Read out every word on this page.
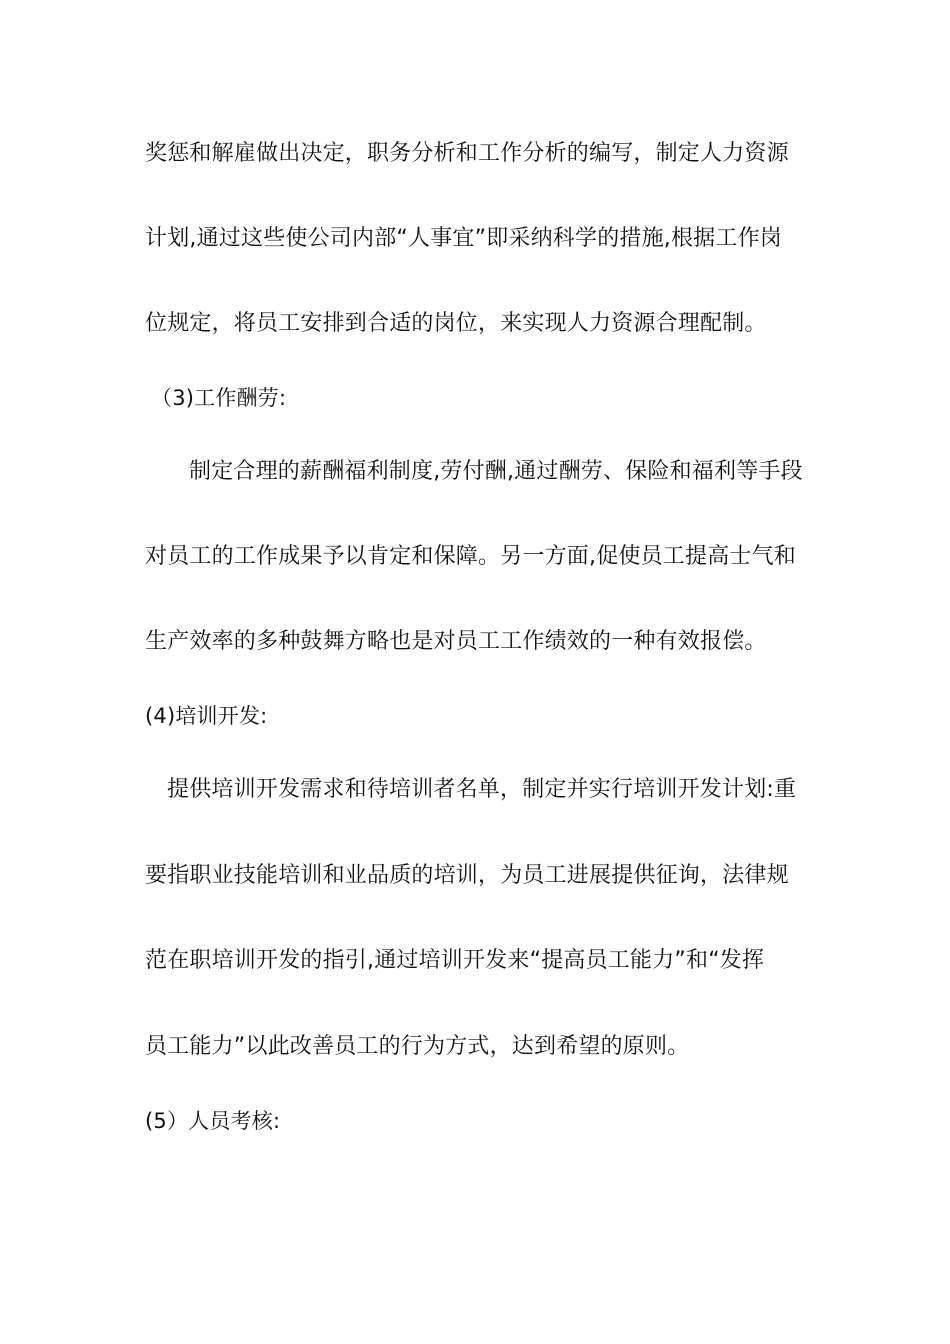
奖惩和解雇做出决定，职务分析和工作分析的编写，制定人力资源
计划,通过这些使公司内部“人事宜”即采纳科学的措施,根据工作岗
位规定，将员工安排到合适的岗位，来实现人力资源合理配制。
（3)工作酬劳:
制定合理的薪酬福利制度,劳付酬,通过酬劳、保险和福利等手段
对员工的工作成果予以肯定和保障。另一方面,促使员工提高士气和
生产效率的多种鼓舞方略也是对员工工作绩效的一种有效报偿。
(4)培训开发:
提供培训开发需求和待培训者名单，制定并实行培训开发计划:重
要指职业技能培训和业品质的培训，为员工进展提供征询，法律规
范在职培训开发的指引,通过培训开发来“提高员工能力”和“发挥
员工能力”以此改善员工的行为方式，达到希望的原则。
(5）人员考核:
